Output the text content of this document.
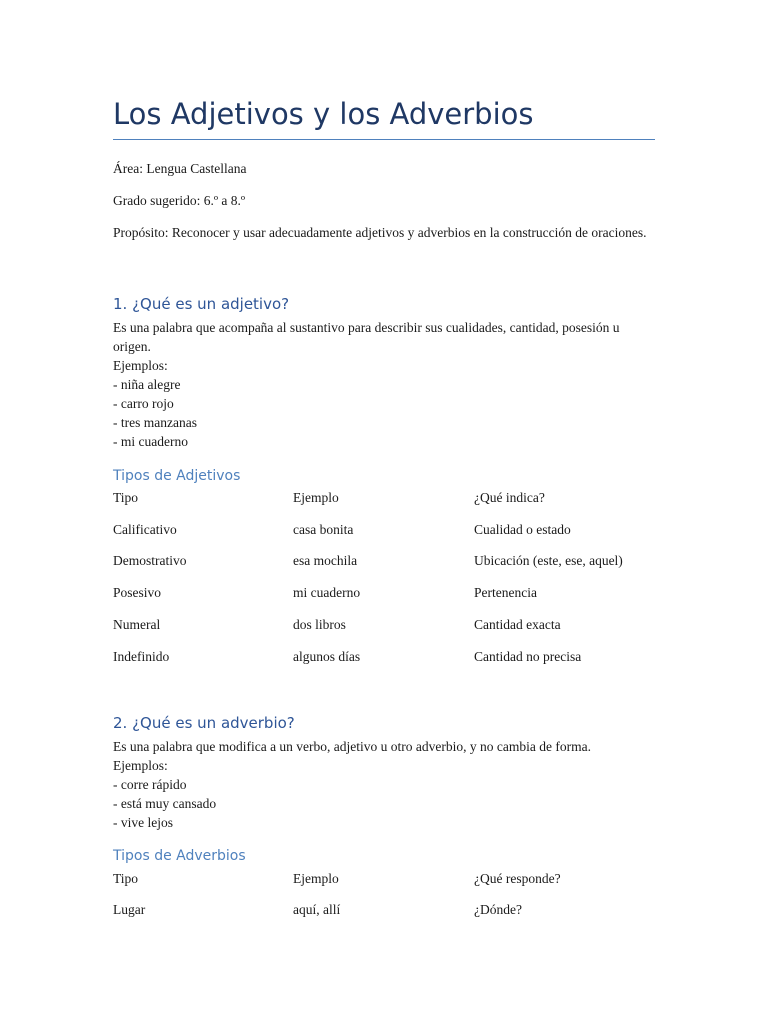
Los Adjetivos y los Adverbios
Área: Lengua Castellana
Grado sugerido: 6.º a 8.º
Propósito: Reconocer y usar adecuadamente adjetivos y adverbios en la construcción de oraciones.
1. ¿Qué es un adjetivo?
Es una palabra que acompaña al sustantivo para describir sus cualidades, cantidad, posesión u origen.
Ejemplos:
- niña alegre
- carro rojo
- tres manzanas
- mi cuaderno
Tipos de Adjetivos
Tipo	Ejemplo	¿Qué indica?
Calificativo	casa bonita	Cualidad o estado
Demostrativo	esa mochila	Ubicación (este, ese, aquel)
Posesivo	mi cuaderno	Pertenencia
Numeral	dos libros	Cantidad exacta
Indefinido	algunos días	Cantidad no precisa
2. ¿Qué es un adverbio?
Es una palabra que modifica a un verbo, adjetivo u otro adverbio, y no cambia de forma.
Ejemplos:
- corre rápido
- está muy cansado
- vive lejos
Tipos de Adverbios
Tipo	Ejemplo	¿Qué responde?
Lugar	aquí, allí	¿Dónde?
